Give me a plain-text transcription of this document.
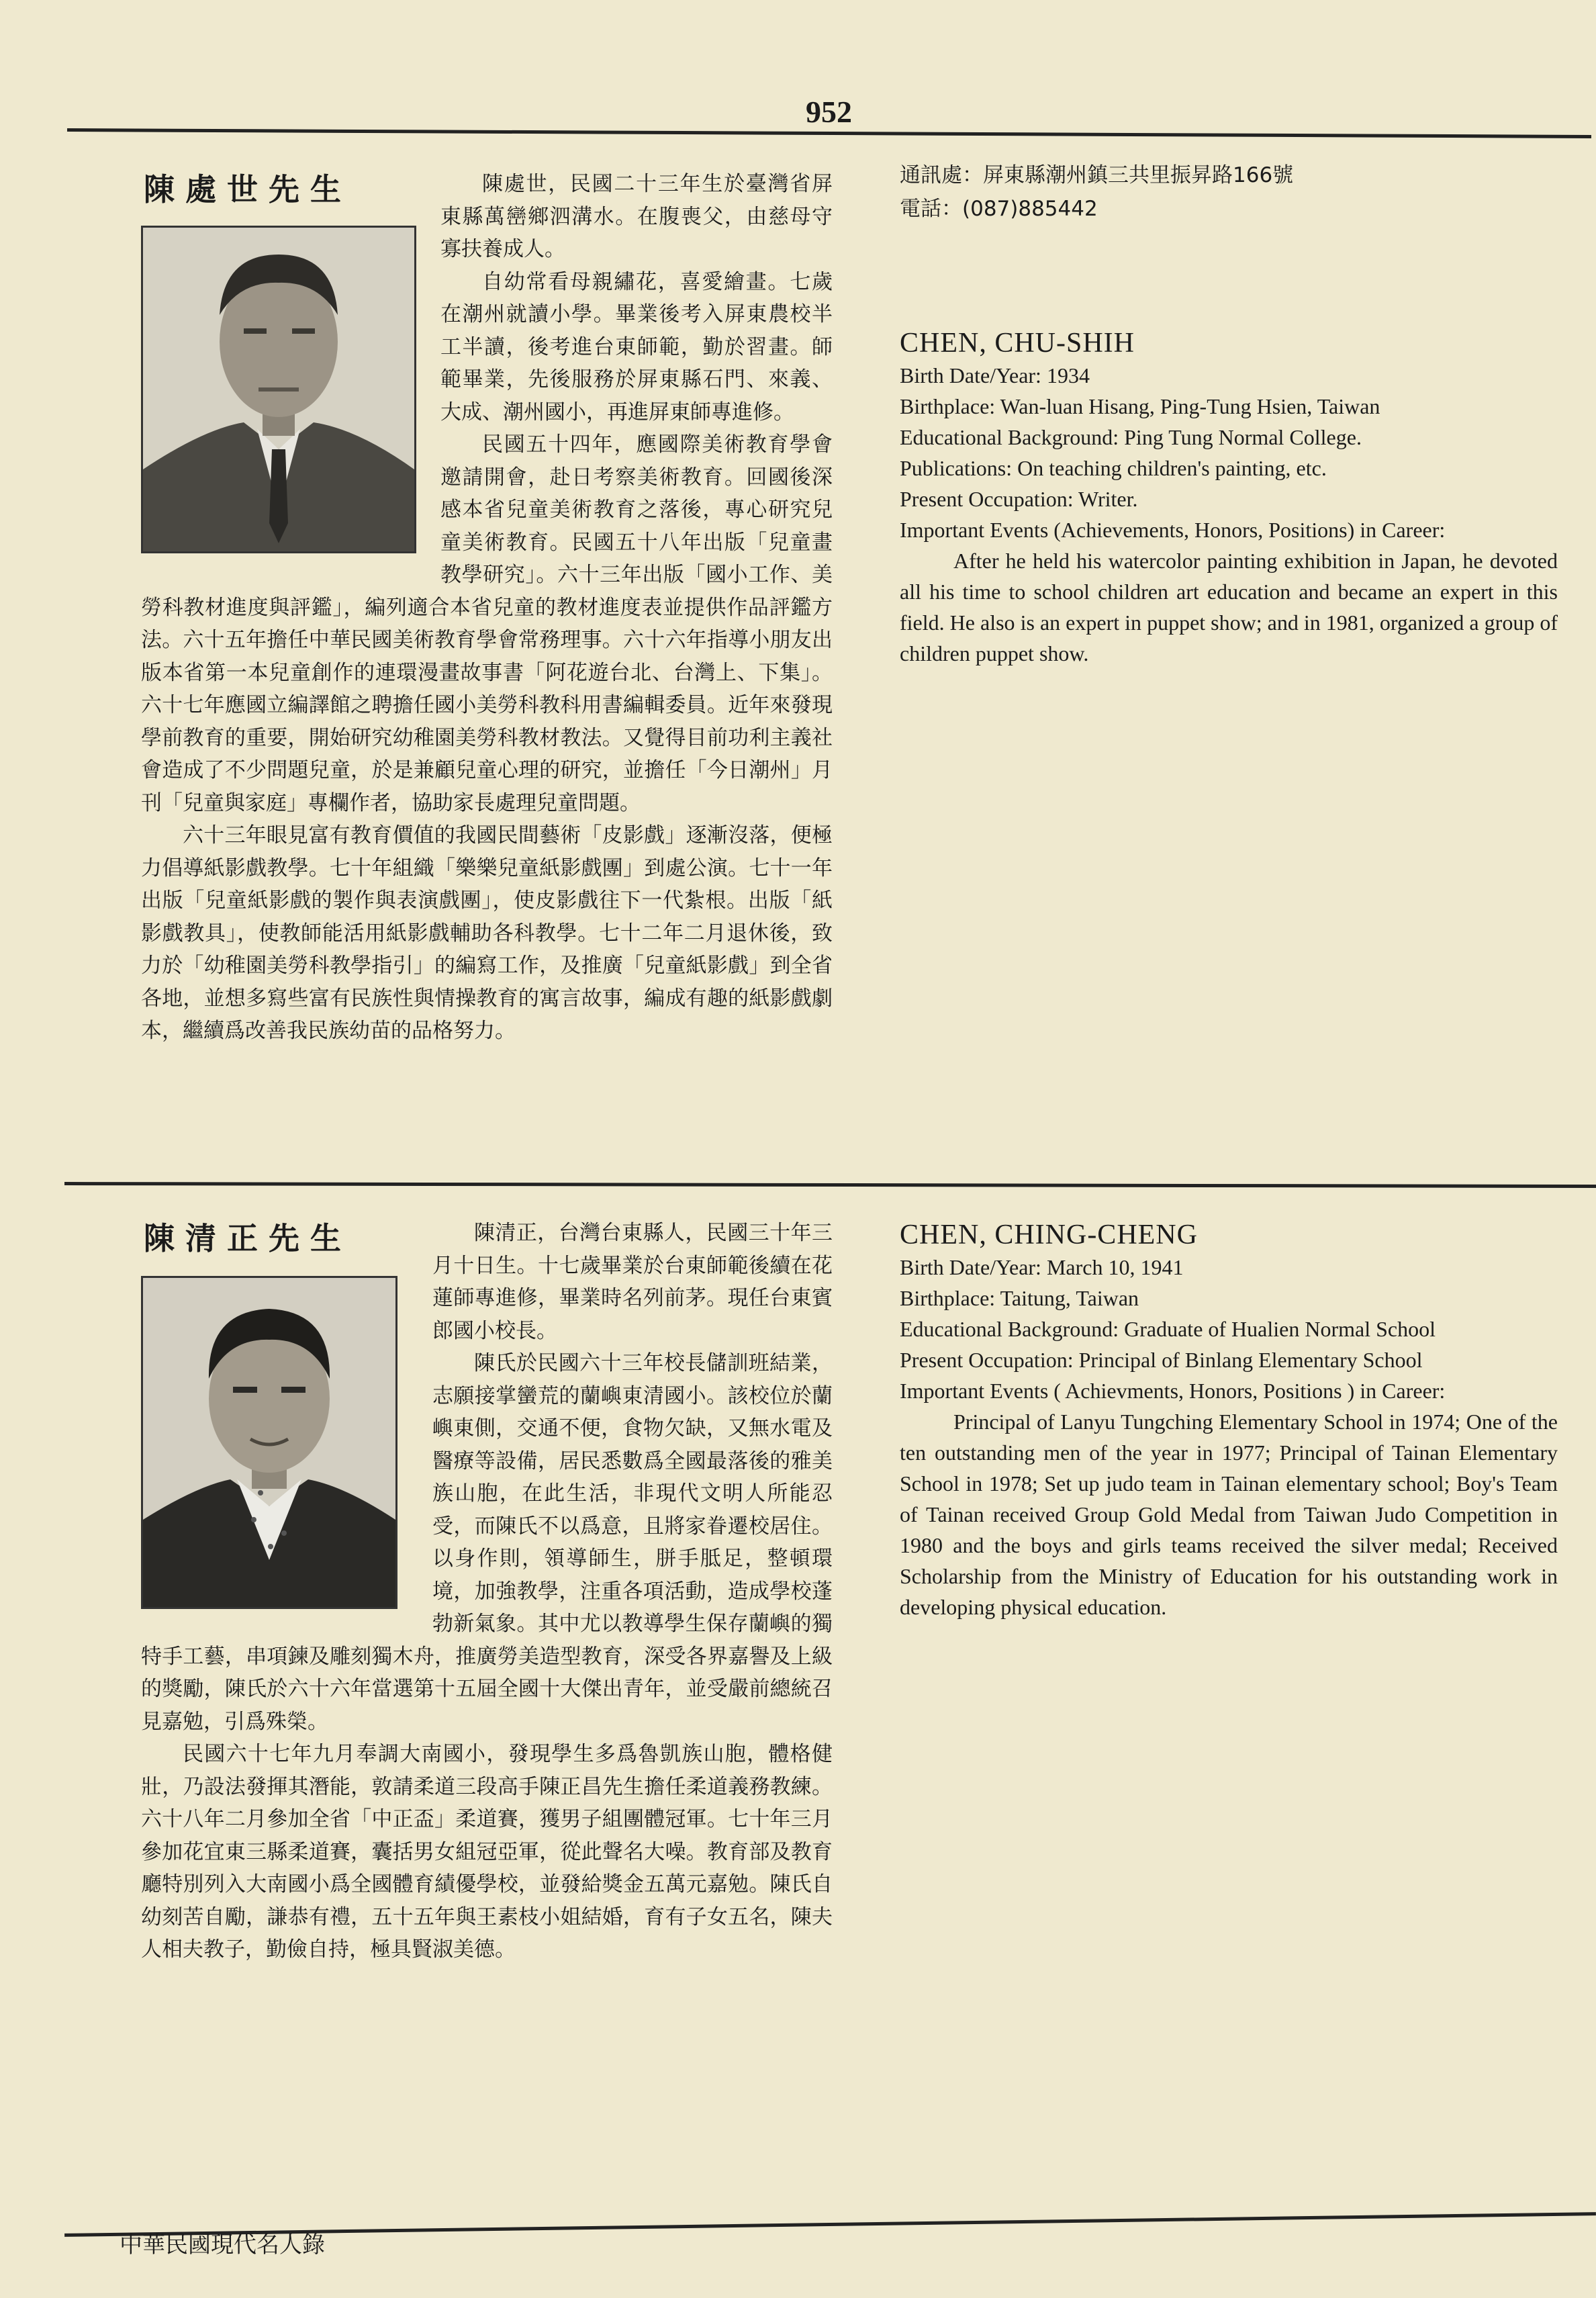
952
陳處世先生	陳處世，民國二十三年生於臺灣省屏東縣萬巒鄉泗溝水。在腹喪父，由慈母守寡扶養成人。

自幼常看母親繡花，喜愛繪畫。七歲在潮州就讀小學。畢業後考入屏東農校半工半讀，後考進台東師範，勤於習畫。師範畢業，先後服務於屏東縣石門、來義、大成、潮州國小，再進屏東師專進修。

民國五十四年，應國際美術教育學會邀請開會，赴日考察美術教育。回國後深感本省兒童美術教育之落後，專心研究兒童美術教育。民國五十八年出版「兒童畫教學研究」。六十三年出版「國小工作、美勞科教材進度與評鑑」，編列適合本省兒童的教材進度表並提供作品評鑑方法。六十五年擔任中華民國美術教育學會常務理事。六十六年指導小朋友出版本省第一本兒童創作的連環漫畫故事書「阿花遊台北、台灣上、下集」。六十七年應國立編譯館之聘擔任國小美勞科教科用書編輯委員。近年來發現學前教育的重要，開始研究幼稚園美勞科教材教法。又覺得目前功利主義社會造成了不少問題兒童，於是兼顧兒童心理的研究，並擔任「今日潮州」月刊「兒童與家庭」專欄作者，協助家長處理兒童問題。

六十三年眼見富有教育價值的我國民間藝術「皮影戲」逐漸沒落，便極力倡導紙影戲教學。七十年組織「樂樂兒童紙影戲團」到處公演。七十一年出版「兒童紙影戲的製作與表演戲團」，使皮影戲往下一代紮根。出版「紙影戲教具」，使教師能活用紙影戲輔助各科教學。七十二年二月退休後，致力於「幼稚園美勞科教學指引」的編寫工作，及推廣「兒童紙影戲」到全省各地，並想多寫些富有民族性與情操教育的寓言故事，編成有趣的紙影戲劇本，繼續爲改善我民族幼苗的品格努力。

通訊處：屏東縣潮州鎮三共里振昇路166號
電話：(087)885442
CHEN, CHU-SHIH

Birth Date/Year: 1934

Birthplace: Wan-luan Hisang, Ping-Tung Hsien, Taiwan

Educational Background: Ping Tung Normal College.

Publications: On teaching children's painting, etc.

Present Occupation: Writer.

Important Events (Achievements, Honors, Positions) in Career:

After he held his watercolor painting exhibition in Japan, he devoted all his time to school children art education and became an expert in this field. He also is an expert in puppet show; and in 1981, organized a group of children puppet show.

陳清正先生	陳清正，台灣台東縣人，民國三十年三月十日生。十七歲畢業於台東師範後續在花蓮師專進修，畢業時名列前茅。現任台東賓郎國小校長。

陳氏於民國六十三年校長儲訓班結業，志願接掌蠻荒的蘭嶼東清國小。該校位於蘭嶼東側，交通不便，食物欠缺，又無水電及醫療等設備，居民悉數爲全國最落後的雅美族山胞，在此生活，非現代文明人所能忍受，而陳氏不以爲意，且將家眷遷校居住。以身作則，領導師生，胼手胝足，整頓環境，加強教學，注重各項活動，造成學校蓬勃新氣象。其中尤以教導學生保存蘭嶼的獨特手工藝，串項鍊及雕刻獨木舟，推廣勞美造型教育，深受各界嘉譽及上級的獎勵，陳氏於六十六年當選第十五屆全國十大傑出青年，並受嚴前總統召見嘉勉，引爲殊榮。

民國六十七年九月奉調大南國小，發現學生多爲魯凱族山胞，體格健壯，乃設法發揮其潛能，敦請柔道三段高手陳正昌先生擔任柔道義務教練。六十八年二月參加全省「中正盃」柔道賽，獲男子組團體冠軍。七十年三月參加花宜東三縣柔道賽，囊括男女組冠亞軍，從此聲名大噪。教育部及教育廳特別列入大南國小爲全國體育績優學校，並發給獎金五萬元嘉勉。陳氏自幼刻苦自勵，謙恭有禮，五十五年與王素枝小姐結婚，育有子女五名，陳夫人相夫教子，勤儉自持，極具賢淑美德。

CHEN, CHING-CHENG

Birth Date/Year: March 10, 1941

Birthplace: Taitung, Taiwan

Educational Background: Graduate of Hualien Normal School

Present Occupation: Principal of Binlang Elementary School

Important Events ( Achievments, Honors, Positions ) in Career:

Principal of Lanyu Tungching Elementary School in 1974; One of the ten outstanding men of the year in 1977; Principal of Tainan Elementary School in 1978; Set up judo team in Tainan elementary school; Boy's Team of Tainan received Group Gold Medal from Taiwan Judo Competition in 1980 and the boys and girls teams received the silver medal; Received Scholarship from the Ministry of Education for his outstanding work in developing physical education.

中華民國現代名人錄
